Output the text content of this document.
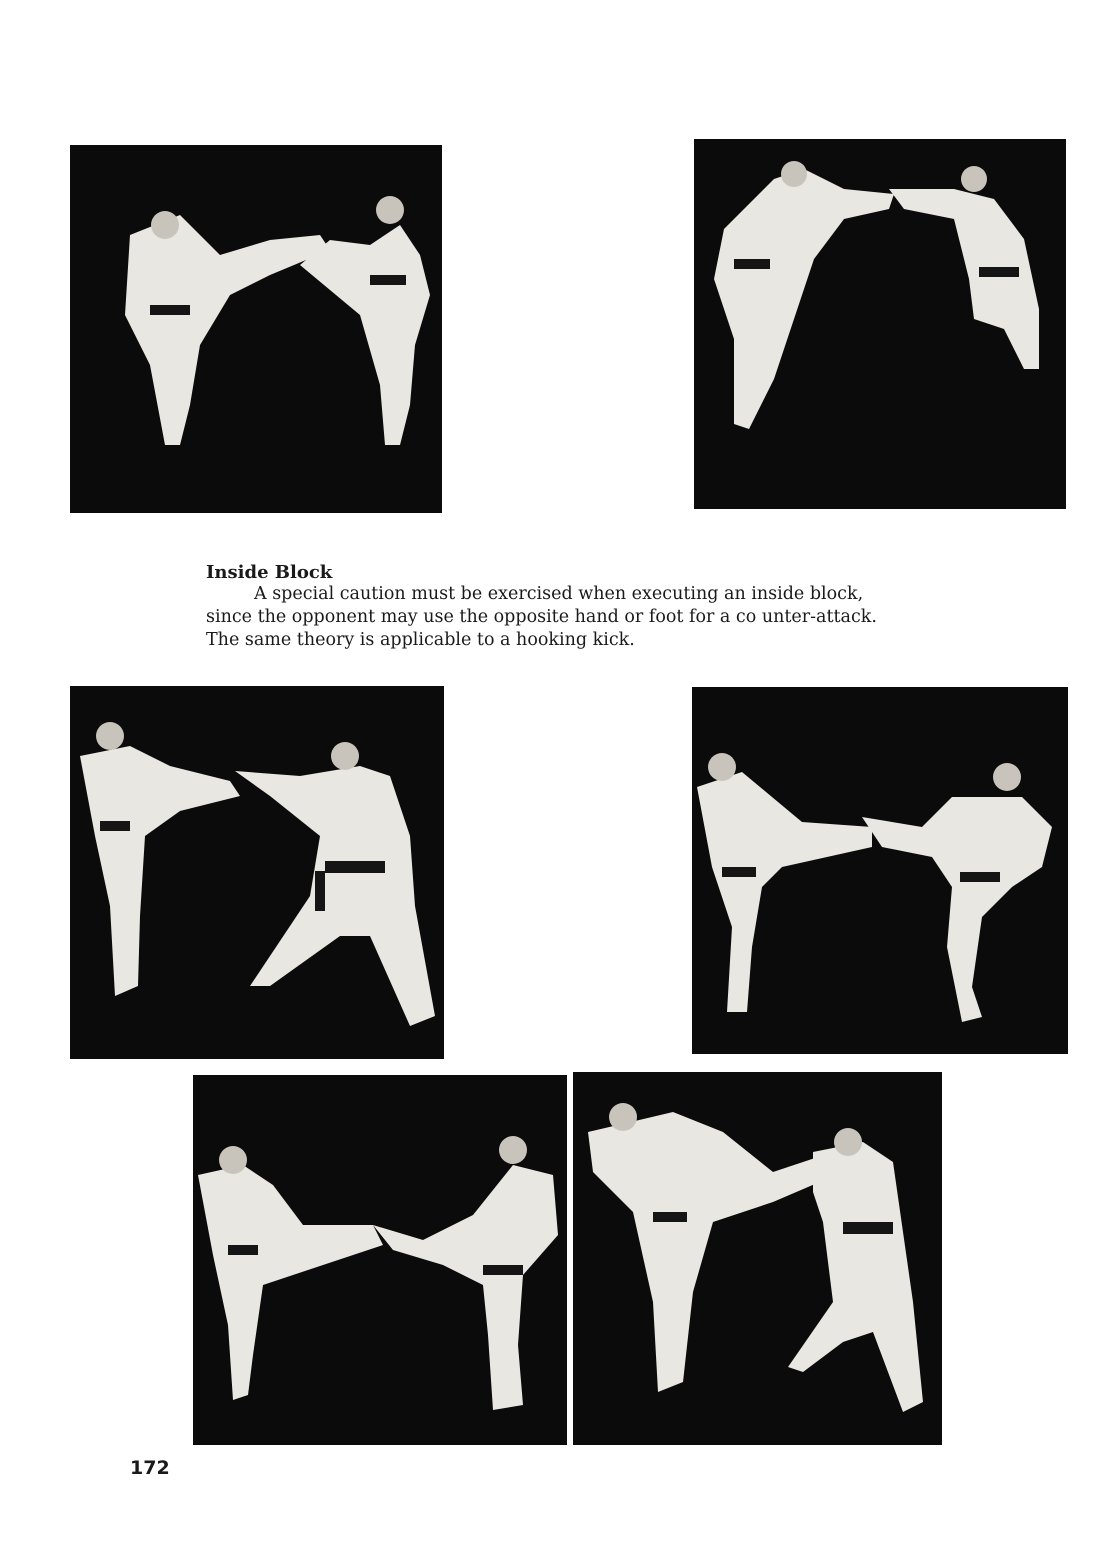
Inside Block

A special caution must be exercised when executing an inside block,

since the opponent may use the opposite hand or foot for a co unter-attack.

The same theory is applicable to a hooking kick.

172
